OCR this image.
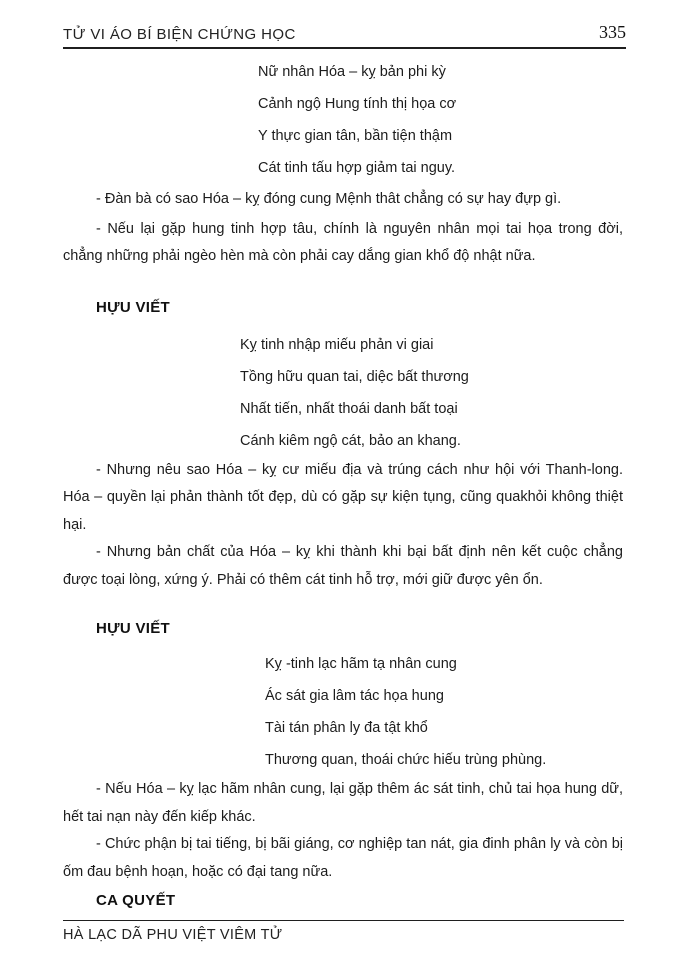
TỬ VI ÁO BÍ BIỆN CHỨNG HỌC	335
Nữ nhân Hóa – kỵ bản phi kỳ
Cảnh ngộ Hung tính thị họa cơ
Y thực gian tân, bần tiện thậm
Cát tinh tấu hợp giảm tai nguy.

- Đàn bà có sao Hóa – kỵ đóng cung Mệnh thât chẳng có sự hay đựp gì.

- Nếu lại gặp hung tinh hợp tâu, chính là nguyên nhân mọi tai họa trong đời, chẳng những phải ngèo hèn mà còn phải cay dắng gian khổ độ nhật nữa.

HỰU VIẾT
Kỵ tinh nhập miếu phản vi giai
Tồng hữu quan tai, diệc bất thương
Nhất tiến, nhất thoái danh bất toại
Cánh kiêm ngộ cát, bảo an khang.

- Nhưng nêu sao Hóa – kỵ cư miếu địa và trúng cách như hội với Thanh-long. Hóa – quyền lại phản thành tốt đẹp, dù có gặp sự kiện tụng, cũng quakhỏi không thiệt hại.

- Nhưng bản chất của Hóa – kỵ khi thành khi bại bất định nên kết cuộc chẳng được toại lòng, xứng ý. Phải có thêm cát tinh hỗ trợ, mới giữ được yên ổn.

HỰU VIẾT
Kỵ -tinh lạc hãm tạ nhân cung
Ác sát gia lâm tác họa hung
Tài tán phân ly đa tật khổ
Thương quan, thoái chức hiếu trùng phùng.

- Nếu Hóa – kỵ lạc hãm nhân cung, lại gặp thêm ác sát tinh, chủ tai họa hung dữ, hết tai nạn này đến kiếp khác.

- Chức phận bị tai tiếng, bị bãi giáng, cơ nghiệp tan nát, gia đinh phân ly và còn bị ốm đau bệnh hoạn, hoặc có đại tang nữa.

CA QUYẾT
HÀ LẠC DÃ PHU VIỆT VIÊM TỬ
